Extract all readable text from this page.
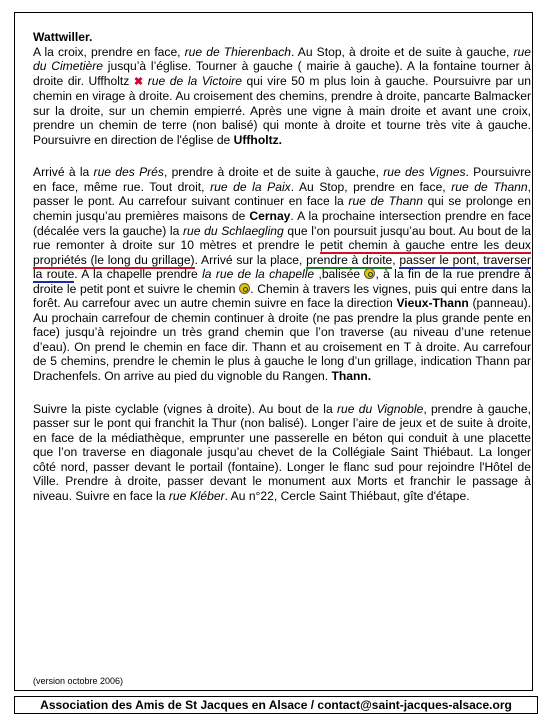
Wattwiller.
A la croix, prendre en face, rue de Thierenbach. Au Stop, à droite et de suite à gauche, rue du Cimetière jusqu’à l’église. Tourner à gauche ( mairie à gauche). A la fontaine tourner à droite dir. Uffholtz ✖ rue de la Victoire qui vire 50 m plus loin à gauche. Poursuivre par un chemin en virage à droite. Au croisement des chemins, prendre à droite, pancarte Balmacker sur la droite, sur un chemin empierré. Après une vigne à main droite et avant une croix, prendre un chemin de terre (non balisé) qui monte à droite et tourne très vite à gauche. Poursuivre en direction de l'église de Uffholtz.

Arrivé à la rue des Prés, prendre à droite et de suite à gauche, rue des Vignes. Poursuivre en face, même rue. Tout droit, rue de la Paix. Au Stop, prendre en face, rue de Thann, passer le pont. Au carrefour suivant continuer en face la rue de Thann qui se prolonge en chemin jusqu’au premières maisons de Cernay. A la prochaine intersection prendre en face (décalée vers la gauche) la rue du Schlaegling que l’on poursuit jusqu’au bout. Au bout de la rue remonter à droite sur 10 mètres et prendre le petit chemin à gauche entre les deux propriétés (le long du grillage). Arrivé sur la place, prendre à droite, passer le pont, traverser la route. A la chapelle prendre la rue de la chapelle ,balisée , à la fin de la rue prendre à droite le petit pont et suivre le chemin . Chemin à travers les vignes, puis qui entre dans la forêt. Au carrefour avec un autre chemin suivre en face la direction Vieux-Thann (panneau). Au prochain carrefour de chemin continuer à droite (ne pas prendre la plus grande pente en face) jusqu’à rejoindre un très grand chemin que l’on traverse (au niveau d’une retenue d’eau). On prend le chemin en face dir. Thann et au croisement en T à droite. Au carrefour de 5 chemins, prendre le chemin le plus à gauche le long d’un grillage, indication Thann par Drachenfels. On arrive au pied du vignoble du Rangen. Thann.

Suivre la piste cyclable (vignes à droite). Au bout de la rue du Vignoble, prendre à gauche, passer sur le pont qui franchit la Thur (non balisé). Longer l’aire de jeux et de suite à droite, en face de la médiathèque, emprunter une passerelle en béton qui conduit à une placette que l’on traverse en diagonale jusqu’au chevet de la Collégiale Saint Thiébaut. La longer côté nord, passer devant le portail (fontaine). Longer le flanc sud pour rejoindre l'Hôtel de Ville. Prendre à droite, passer devant le monument aux Morts et franchir le passage à niveau. Suivre en face la rue Kléber. Au n°22, Cercle Saint Thiébaut, gîte d'étape.

(version octobre 2006)
Association des Amis de St Jacques en Alsace / contact@saint-jacques-alsace.org
